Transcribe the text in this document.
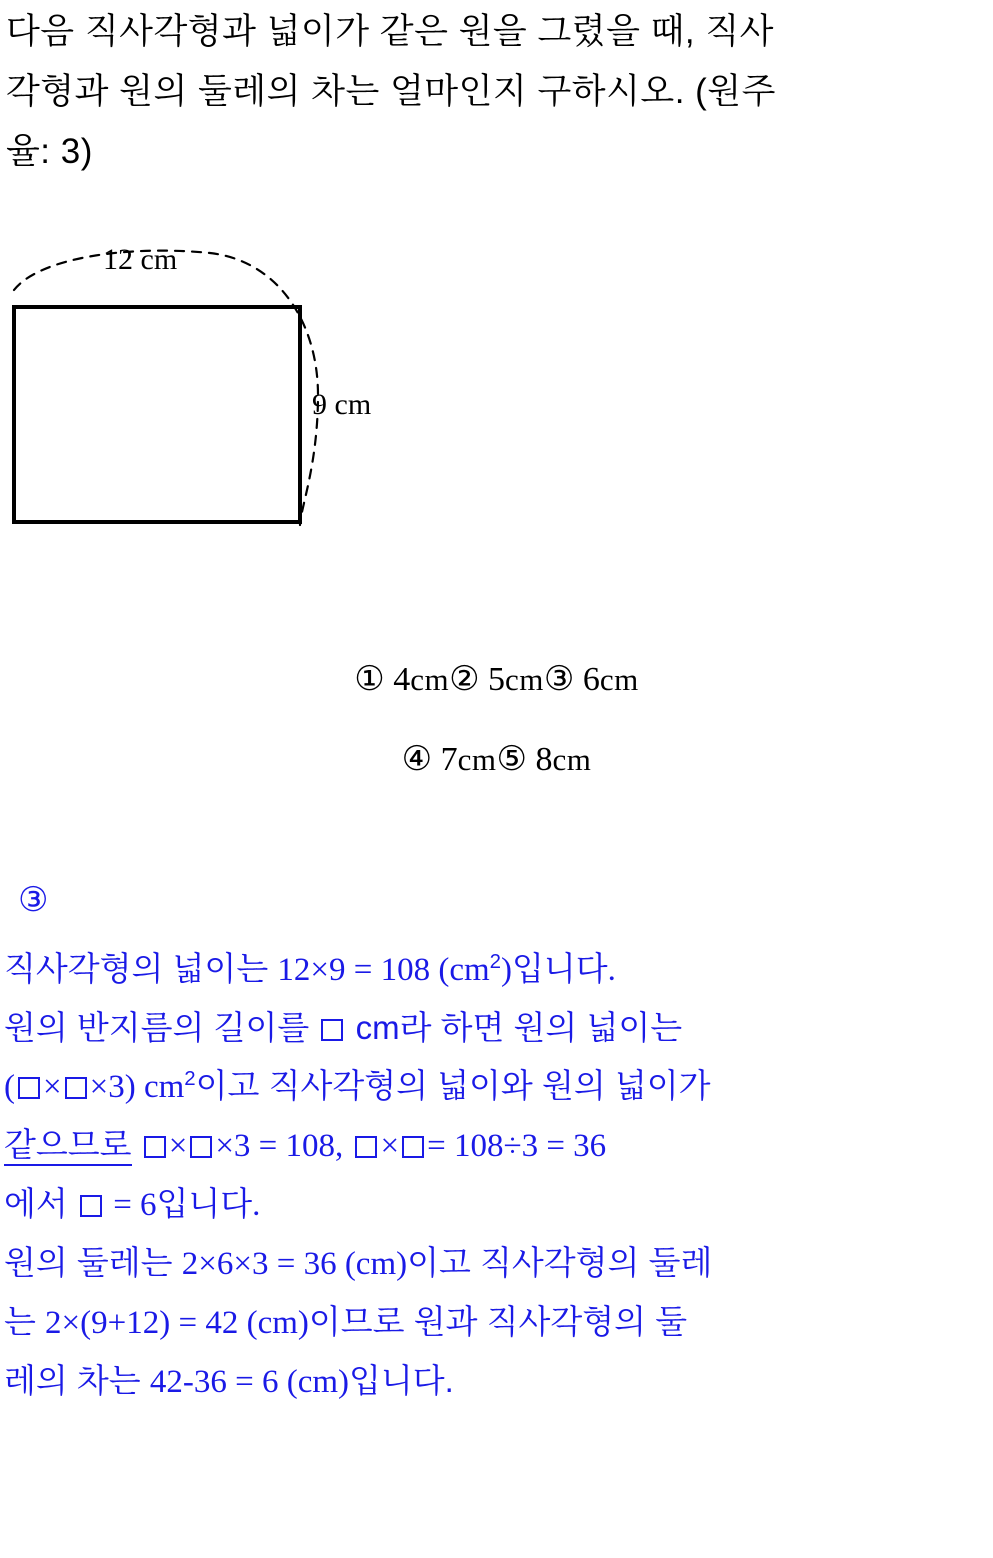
다음 직사각형과 넓이가 같은 원을 그렸을 때, 직사
각형과 원의 둘레의 차는 얼마인지 구하시오. (원주
율: 3)
12 cm
9 cm
① 4cm② 5cm③ 6cm
④ 7cm⑤ 8cm
③
직사각형의 넓이는 12×9 = 108 $(cm^2)$입니다.
원의 반지름의 길이를  cm라 하면 원의 넓이는
( × ×3) $cm^2$이고 직사각형의 넓이와 원의 넓이가
같으므로 × ×3 = 108, × = 108÷3 = 36
에서  = 6입니다.
원의 둘레는 2×6×3 = 36 (cm)이고 직사각형의 둘레
는 2×(9+12) = 42 (cm)이므로 원과 직사각형의 둘
레의 차는 42-36 = 6 (cm)입니다.
